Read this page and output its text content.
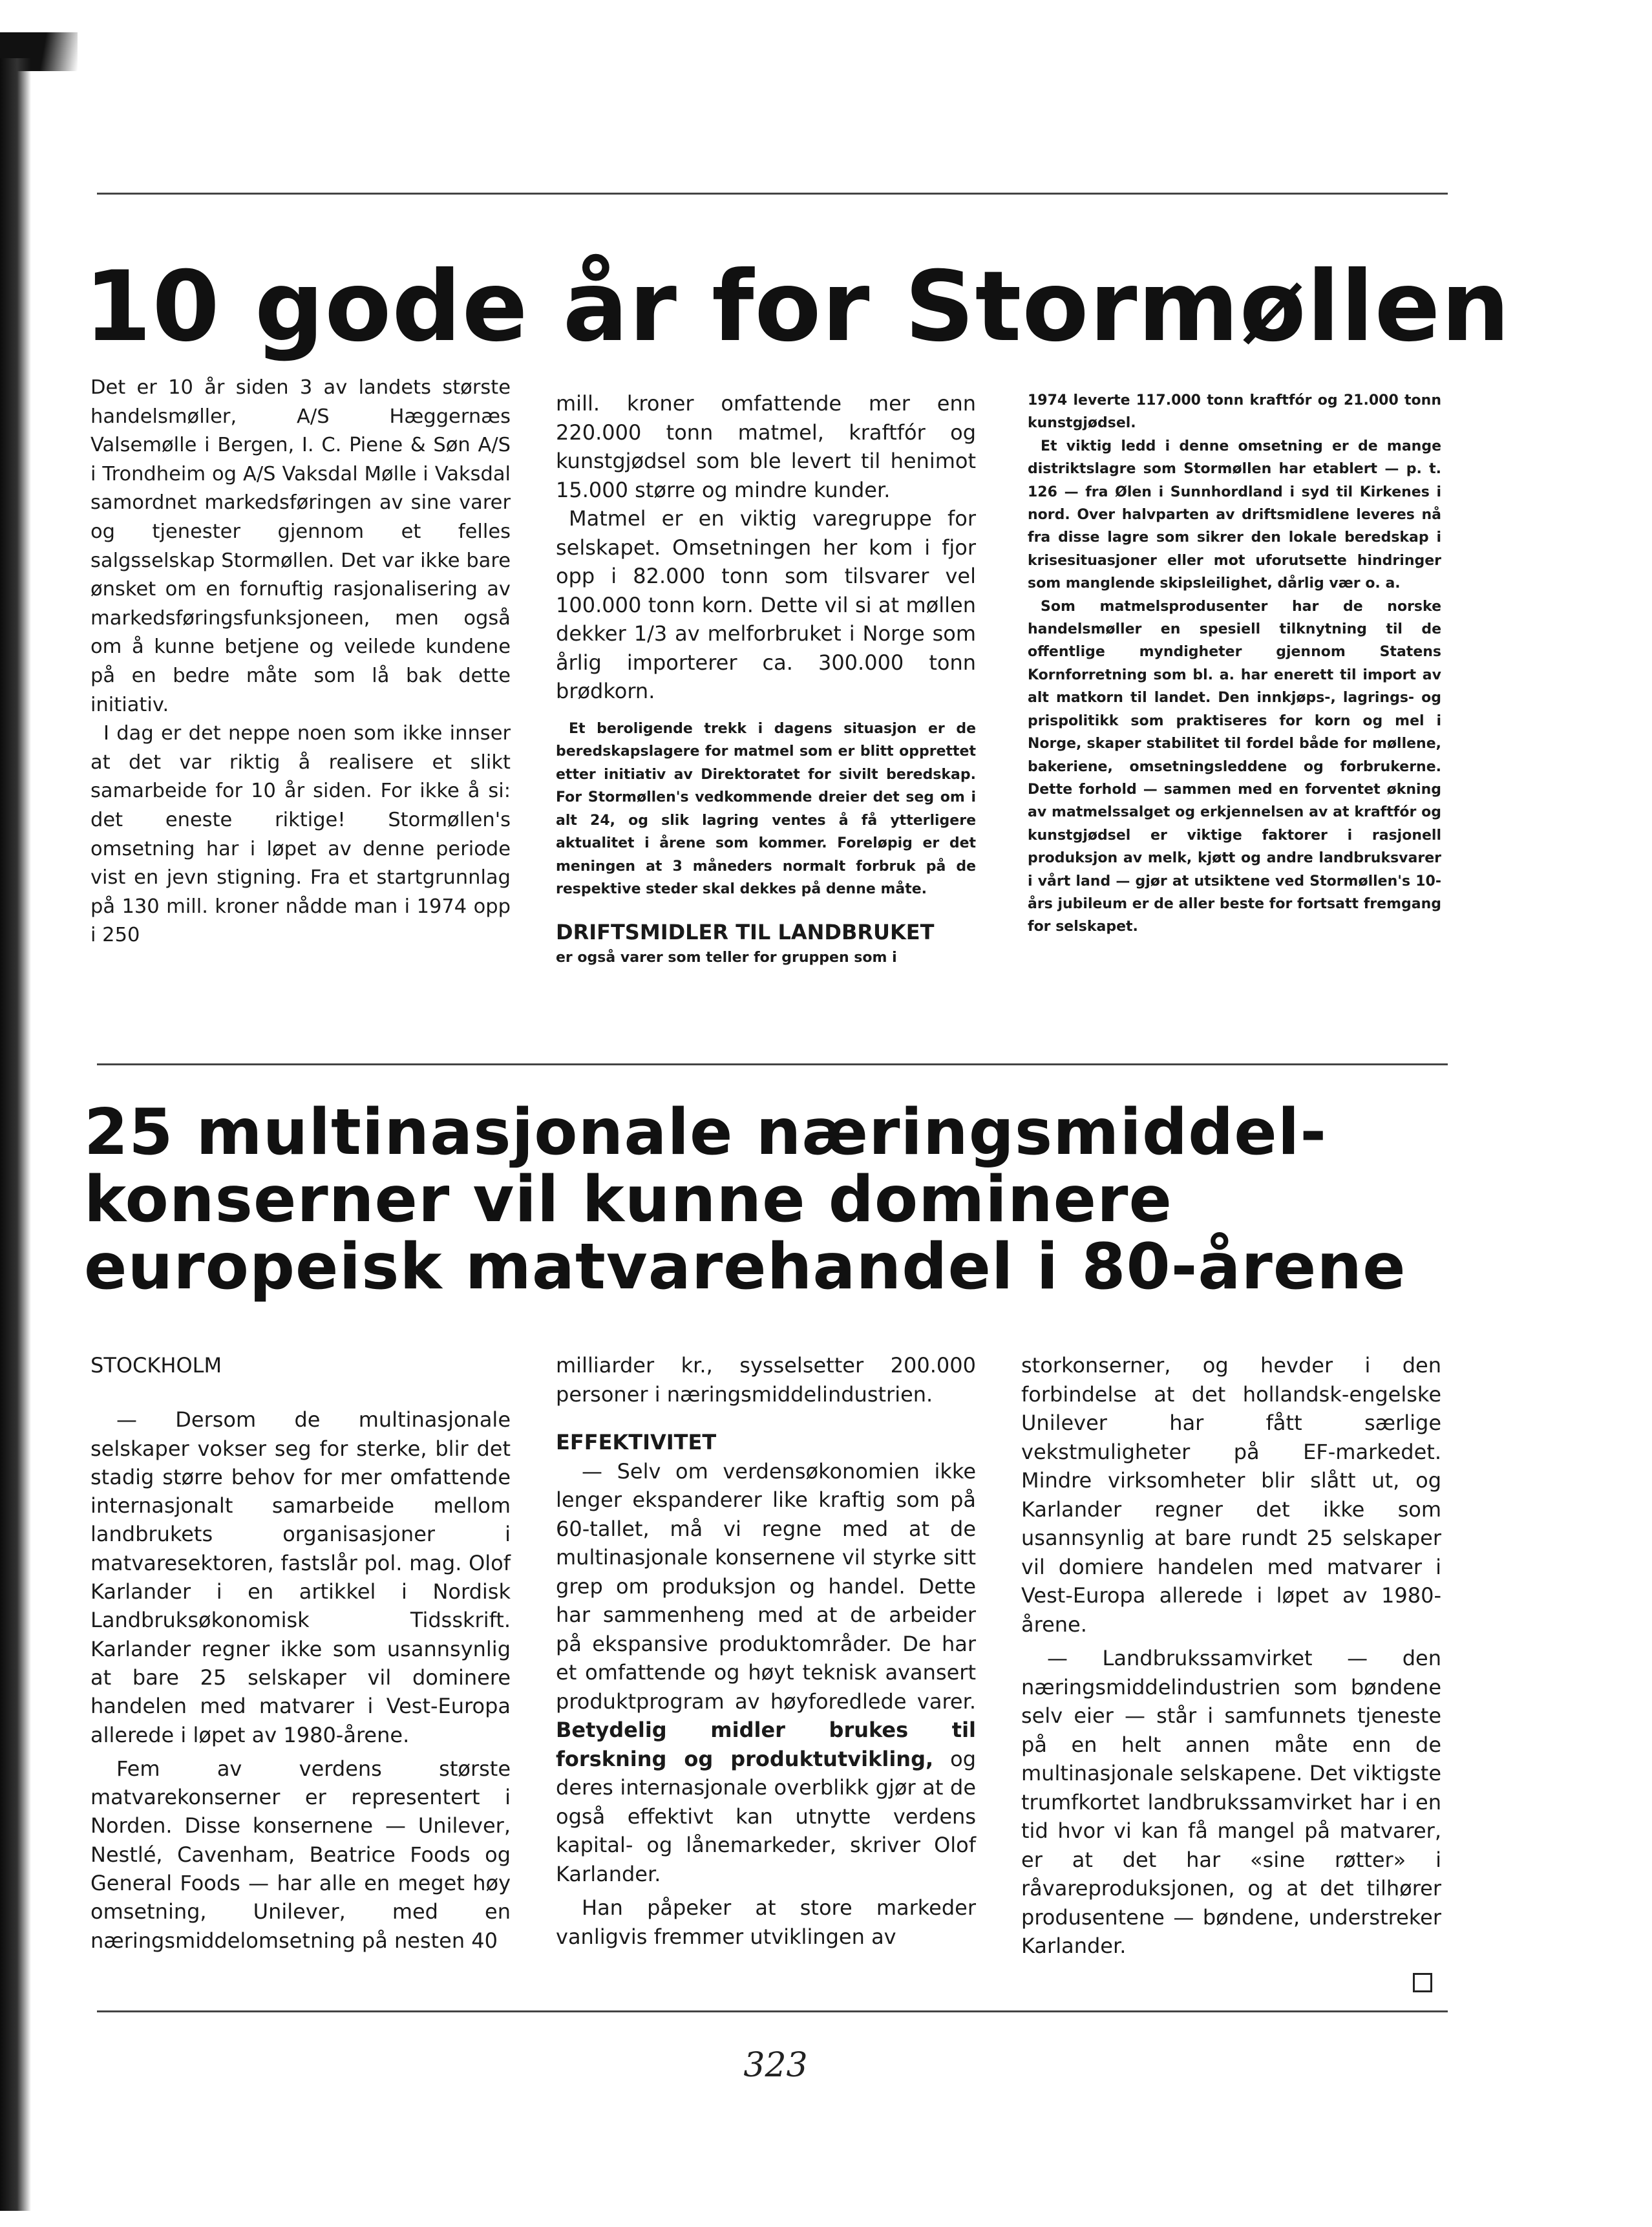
10 gode år for Stormøllen

Det er 10 år siden 3 av landets største handelsmøller, A/S Hæggernæs Valsemølle i Bergen, I. C. Piene & Søn A/S i Trondheim og A/S Vaksdal Mølle i Vaksdal samordnet markedsføringen av sine varer og tjenester gjennom et felles salgsselskap Stormøllen. Det var ikke bare ønsket om en fornuftig rasjonalisering av markedsføringsfunksjoneen, men også om å kunne betjene og veilede kundene på en bedre måte som lå bak dette initiativ.

I dag er det neppe noen som ikke innser at det var riktig å realisere et slikt samarbeide for 10 år siden. For ikke å si: det eneste riktige! Stormøllen's omsetning har i løpet av denne periode vist en jevn stigning. Fra et startgrunnlag på 130 mill. kroner nådde man i 1974 opp i 250

mill. kroner omfattende mer enn 220.000 tonn matmel, kraftfór og kunstgjødsel som ble levert til henimot 15.000 større og mindre kunder.

Matmel er en viktig varegruppe for selskapet. Omsetningen her kom i fjor opp i 82.000 tonn som tilsvarer vel 100.000 tonn korn. Dette vil si at møllen dekker 1/3 av melforbruket i Norge som årlig importerer ca. 300.000 tonn brødkorn.

Et beroligende trekk i dagens situasjon er de beredskapslagere for matmel som er blitt opprettet etter initiativ av Direktoratet for sivilt beredskap. For Stormøllen's vedkommende dreier det seg om i alt 24, og slik lagring ventes å få ytterligere aktualitet i årene som kommer. Foreløpig er det meningen at 3 måneders normalt forbruk på de respektive steder skal dekkes på denne måte.

DRIFTSMIDLER TIL LANDBRUKET

er også varer som teller for gruppen som i

1974 leverte 117.000 tonn kraftfór og 21.000 tonn kunstgjødsel.

Et viktig ledd i denne omsetning er de mange distriktslagre som Stormøllen har etablert — p. t. 126 — fra Ølen i Sunnhordland i syd til Kirkenes i nord. Over halvparten av driftsmidlene leveres nå fra disse lagre som sikrer den lokale beredskap i krisesituasjoner eller mot uforutsette hindringer som manglende skipsleilighet, dårlig vær o. a.

Som matmelsprodusenter har de norske handelsmøller en spesiell tilknytning til de offentlige myndigheter gjennom Statens Kornforretning som bl. a. har enerett til import av alt matkorn til landet. Den innkjøps-, lagrings- og prispolitikk som praktiseres for korn og mel i Norge, skaper stabilitet til fordel både for møllene, bakeriene, omsetningsleddene og forbrukerne. Dette forhold — sammen med en forventet økning av matmelssalget og erkjennelsen av at kraftfór og kunstgjødsel er viktige faktorer i rasjonell produksjon av melk, kjøtt og andre landbruksvarer i vårt land — gjør at utsiktene ved Stormøllen's 10-års jubileum er de aller beste for fortsatt fremgang for selskapet.

25 multinasjonale næringsmiddel-
konserner vil kunne dominere
europeisk matvarehandel i 80-årene
STOCKHOLM

— Dersom de multinasjonale selskaper vokser seg for sterke, blir det stadig større behov for mer omfattende internasjonalt samarbeide mellom landbrukets organisasjoner i matvaresektoren, fastslår pol. mag. Olof Karlander i en artikkel i Nordisk Landbruksøkonomisk Tidsskrift. Karlander regner ikke som usannsynlig at bare 25 selskaper vil dominere handelen med matvarer i Vest-Europa allerede i løpet av 1980-årene.

Fem av verdens største matvarekonserner er representert i Norden. Disse konsernene — Unilever, Nestlé, Cavenham, Beatrice Foods og General Foods — har alle en meget høy omsetning, Unilever, med en næringsmiddelomsetning på nesten 40

milliarder kr., sysselsetter 200.000 personer i næringsmiddelindustrien.

EFFEKTIVITET

— Selv om verdensøkonomien ikke lenger ekspanderer like kraftig som på 60-tallet, må vi regne med at de multinasjonale konsernene vil styrke sitt grep om produksjon og handel. Dette har sammenheng med at de arbeider på ekspansive produktområder. De har et omfattende og høyt teknisk avansert produktprogram av høyforedlede varer. Betydelig midler brukes til forskning og produktutvikling, og deres internasjonale overblikk gjør at de også effektivt kan utnytte verdens kapital- og lånemarkeder, skriver Olof Karlander.

Han påpeker at store markeder vanligvis fremmer utviklingen av

storkonserner, og hevder i den forbindelse at det hollandsk-engelske Unilever har fått særlige vekstmuligheter på EF-markedet. Mindre virksomheter blir slått ut, og Karlander regner det ikke som usannsynlig at bare rundt 25 selskaper vil domiere handelen med matvarer i Vest-Europa allerede i løpet av 1980-årene.

— Landbrukssamvirket — den næringsmiddelindustrien som bøndene selv eier — står i samfunnets tjeneste på en helt annen måte enn de multinasjonale selskapene. Det viktigste trumfkortet landbrukssamvirket har i en tid hvor vi kan få mangel på matvarer, er at det har «sine røtter» i råvareproduksjonen, og at det tilhører produsentene — bøndene, understreker Karlander.

323
